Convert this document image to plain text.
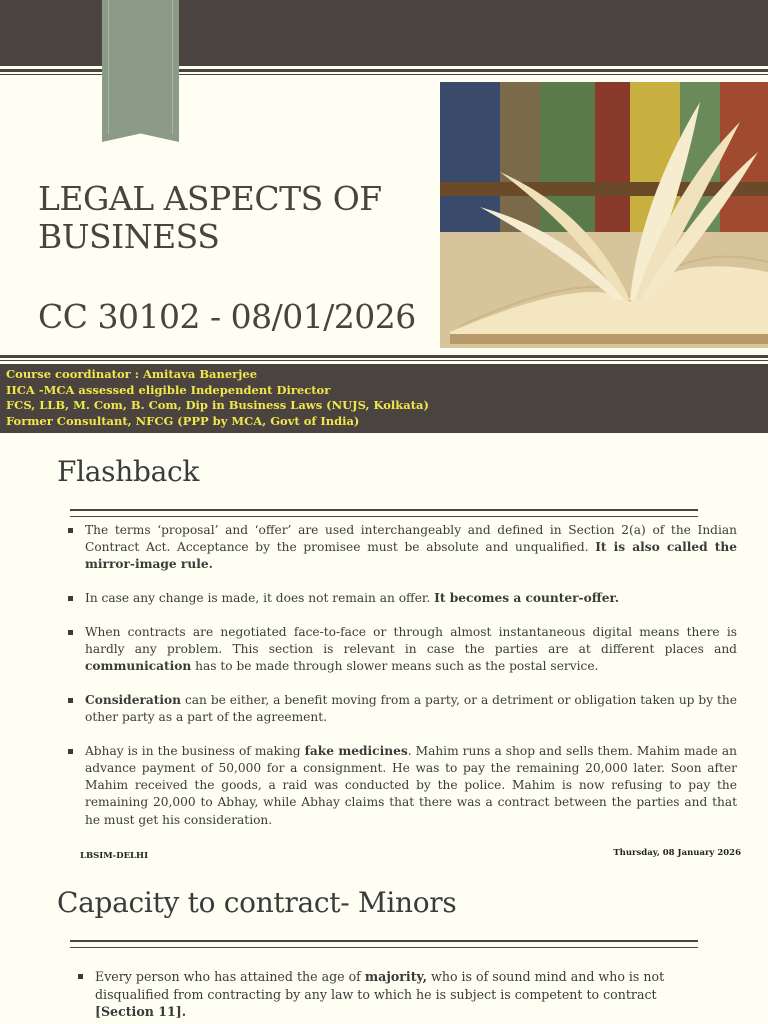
LEGAL ASPECTS OF BUSINESS
CC 30102 - 08/01/2026
Course coordinator : Amitava Banerjee
IICA -MCA assessed eligible Independent Director
FCS, LLB, M. Com, B. Com, Dip in Business Laws (NUJS, Kolkata)
Former Consultant, NFCG (PPP by MCA, Govt of India)
Flashback
The terms ‘proposal’ and ‘offer’ are used interchangeably and defined in Section 2(a) of the Indian Contract Act. Acceptance by the promisee must be absolute and unqualified. It is also called the mirror-image rule.
In case any change is made, it does not remain an offer. It becomes a counter-offer.
When contracts are negotiated face-to-face or through almost instantaneous digital means there is hardly any problem. This section is relevant in case the parties are at different places and communication has to be made through slower means such as the postal service.
Consideration can be either, a benefit moving from a party, or a detriment or obligation taken up by the other party as a part of the agreement.
Abhay is in the business of making fake medicines. Mahim runs a shop and sells them. Mahim made an advance payment of 50,000 for a consignment. He was to pay the remaining 20,000 later. Soon after Mahim received the goods, a raid was conducted by the police. Mahim is now refusing to pay the remaining 20,000 to Abhay, while Abhay claims that there was a contract between the parties and that he must get his consideration.
LBSIM-DELHI	Thursday, 08 January 2026
Capacity to contract- Minors
Every person who has attained the age of majority, who is of sound mind and who is not disqualified from contracting by any law to which he is subject is competent to contract [Section 11].
